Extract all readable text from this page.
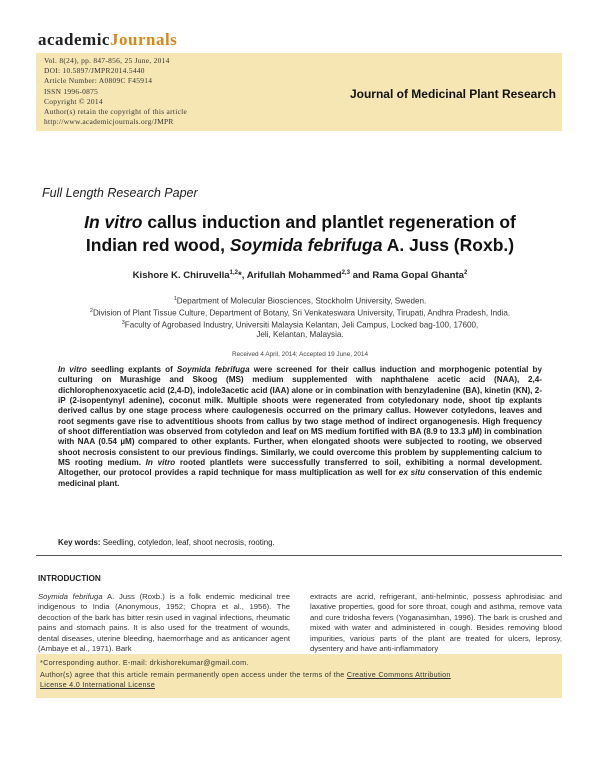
academicJournals
Vol. 8(24), pp. 847-856, 25 June, 2014
DOI: 10.5897/JMPR2014.5440
Article Number: A0809C F45914
ISSN 1996-0875
Copyright © 2014
Author(s) retain the copyright of this article
http://www.academicjournals.org/JMPR
Journal of Medicinal Plant Research
Full Length Research Paper
In vitro callus induction and plantlet regeneration of
Indian red wood, Soymida febrifuga A. Juss (Roxb.)
Kishore K. Chiruvella$^{1,2}$*, Arifullah Mohammed$^{2,3}$ and Rama Gopal Ghanta$^2$
$^1$Department of Molecular Biosciences, Stockholm University, Sweden.
$^2$Division of Plant Tissue Culture, Department of Botany, Sri Venkateswara University, Tirupati, Andhra Pradesh, India.
$^3$Faculty of Agrobased Industry, Universiti Malaysia Kelantan, Jeli Campus, Locked bag-100, 17600,
Jeli, Kelantan, Malaysia.
Received 4 April, 2014; Accepted 19 June, 2014
In vitro seedling explants of Soymida febrifuga were screened for their callus induction and morphogenic potential by culturing on Murashige and Skoog (MS) medium supplemented with naphthalene acetic acid (NAA), 2,4-dichlorophenoxyacetic acid (2,4-D), indole3acetic acid (IAA) alone or in combination with benzyladenine (BA), kinetin (KN), 2-iP (2-isopentynyl adenine), coconut milk. Multiple shoots were regenerated from cotyledonary node, shoot tip explants derived callus by one stage process where caulogenesis occurred on the primary callus. However cotyledons, leaves and root segments gave rise to adventitious shoots from callus by two stage method of indirect organogenesis. High frequency of shoot differentiation was observed from cotyledon and leaf on MS medium fortified with BA (8.9 to 13.3 µM) in combination with NAA (0.54 µM) compared to other explants. Further, when elongated shoots were subjected to rooting, we observed shoot necrosis consistent to our previous findings. Similarly, we could overcome this problem by supplementing calcium to MS rooting medium. In vitro rooted plantlets were successfully transferred to soil, exhibiting a normal development. Altogether, our protocol provides a rapid technique for mass multiplication as well for ex situ conservation of this endemic medicinal plant.
Key words: Seedling, cotyledon, leaf, shoot necrosis, rooting.
INTRODUCTION
Soymida febrifuga A. Juss (Roxb.) is a folk endemic medicinal tree indigenous to India (Anonymous, 1952; Chopra et al., 1956). The decoction of the bark has bitter resin used in vaginal infections, rheumatic pains and stomach pains. It is also used for the treatment of wounds, dental diseases, uterine bleeding, haemorrhage and as anticancer agent (Ambaye et al., 1971). Bark
extracts are acrid, refrigerant, anti-helmintic, possess aphrodisiac and laxative properties, good for sore throat, cough and asthma, remove vata and cure tridosha fevers (Yoganasimhan, 1996). The bark is crushed and mixed with water and administered in cough. Besides removing blood impurities, various parts of the plant are treated for ulcers, leprosy, dysentery and have anti-inflammatory
*Corresponding author. E-mail: drkishorekumar@gmail.com.
Author(s) agree that this article remain permanently open access under the terms of the Creative Commons Attribution
License 4.0 International License
